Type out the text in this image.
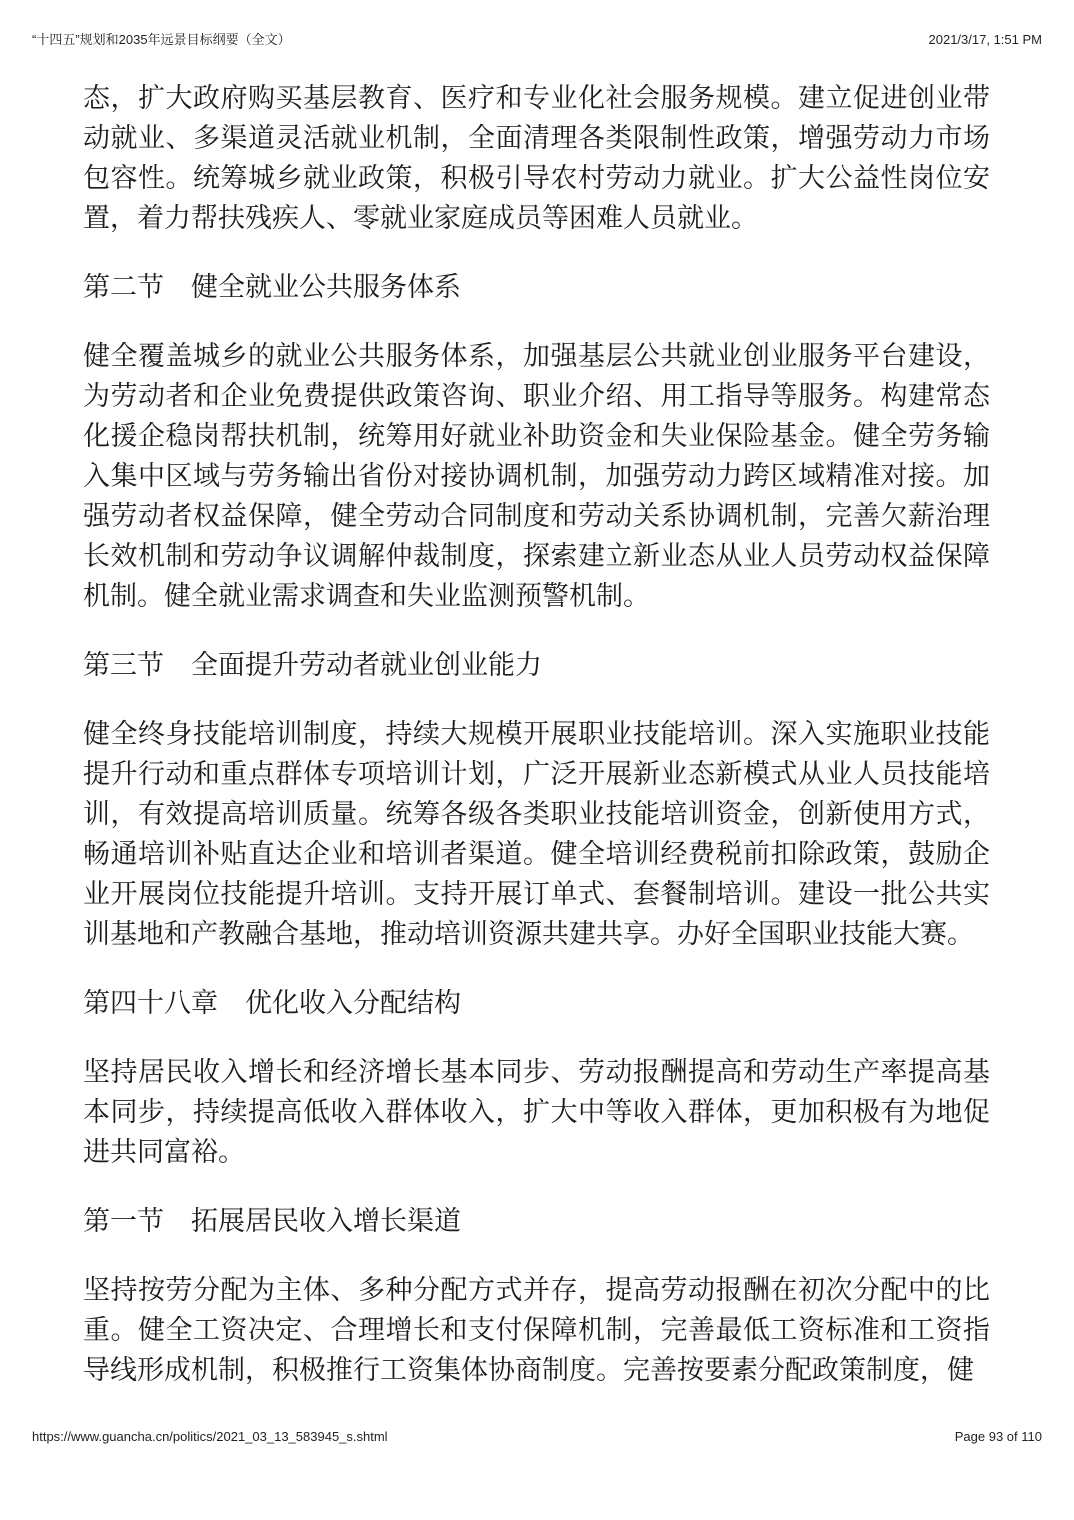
“十四五”规划和2035年远景目标纲要（全文）	2021/3/17, 1:51 PM
态，扩大政府购买基层教育、医疗和专业化社会服务规模。建立促进创业带
动就业、多渠道灵活就业机制，全面清理各类限制性政策，增强劳动力市场
包容性。统筹城乡就业政策，积极引导农村劳动力就业。扩大公益性岗位安
置，着力帮扶残疾人、零就业家庭成员等困难人员就业。
第二节　健全就业公共服务体系
健全覆盖城乡的就业公共服务体系，加强基层公共就业创业服务平台建设，
为劳动者和企业免费提供政策咨询、职业介绍、用工指导等服务。构建常态
化援企稳岗帮扶机制，统筹用好就业补助资金和失业保险基金。健全劳务输
入集中区域与劳务输出省份对接协调机制，加强劳动力跨区域精准对接。加
强劳动者权益保障，健全劳动合同制度和劳动关系协调机制，完善欠薪治理
长效机制和劳动争议调解仲裁制度，探索建立新业态从业人员劳动权益保障
机制。健全就业需求调查和失业监测预警机制。
第三节　全面提升劳动者就业创业能力
健全终身技能培训制度，持续大规模开展职业技能培训。深入实施职业技能
提升行动和重点群体专项培训计划，广泛开展新业态新模式从业人员技能培
训，有效提高培训质量。统筹各级各类职业技能培训资金，创新使用方式，
畅通培训补贴直达企业和培训者渠道。健全培训经费税前扣除政策，鼓励企
业开展岗位技能提升培训。支持开展订单式、套餐制培训。建设一批公共实
训基地和产教融合基地，推动培训资源共建共享。办好全国职业技能大赛。
第四十八章　优化收入分配结构
坚持居民收入增长和经济增长基本同步、劳动报酬提高和劳动生产率提高基
本同步，持续提高低收入群体收入，扩大中等收入群体，更加积极有为地促
进共同富裕。
第一节　拓展居民收入增长渠道
坚持按劳分配为主体、多种分配方式并存，提高劳动报酬在初次分配中的比
重。健全工资决定、合理增长和支付保障机制，完善最低工资标准和工资指
导线形成机制，积极推行工资集体协商制度。完善按要素分配政策制度，健
https://www.guancha.cn/politics/2021_03_13_583945_s.shtml	Page 93 of 110
